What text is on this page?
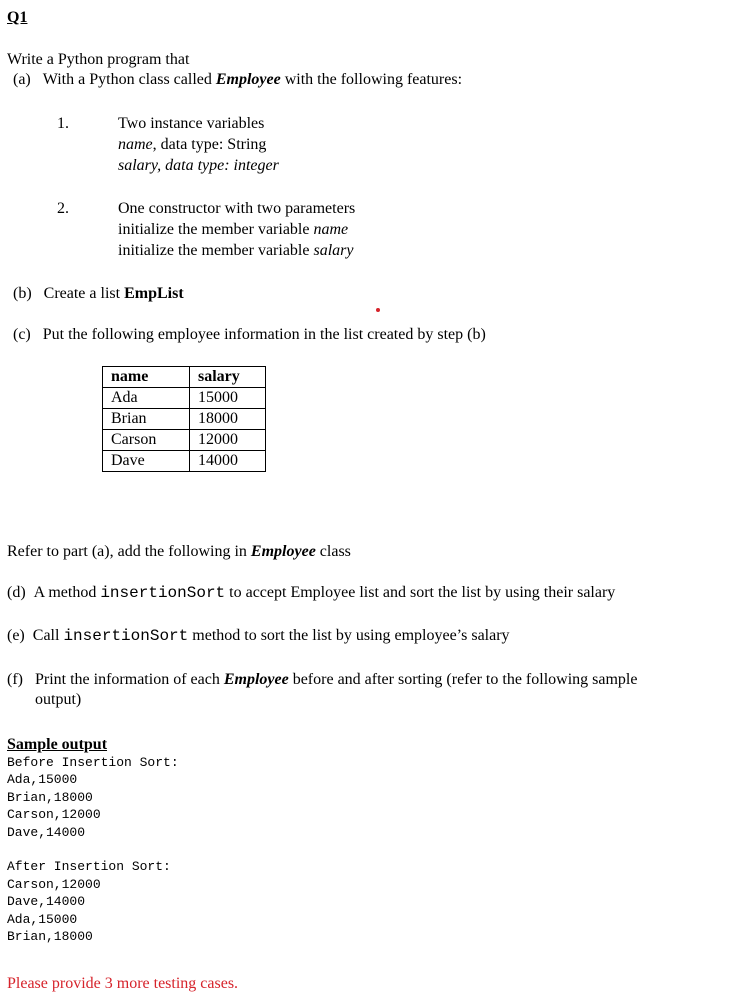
Q1
Write a Python program that
(a) With a Python class called Employee with the following features:
1.	Two instance variables
name, data type: String
salary, data type: integer
2.	One constructor with two parameters
initialize the member variable name
initialize the member variable salary
(b) Create a list EmpList
(c) Put the following employee information in the list created by step (b)
name	salary
Ada	15000
Brian	18000
Carson	12000
Dave	14000
Refer to part (a), add the following in Employee class
(d) A method insertionSort to accept Employee list and sort the list by using their salary
(e) Call insertionSort method to sort the list by using employee’s salary
(f) Print the information of each Employee before and after sorting (refer to the following sample
output)
Sample output
Before Insertion Sort:
Ada,15000
Brian,18000
Carson,12000
Dave,14000
After Insertion Sort:
Carson,12000
Dave,14000
Ada,15000
Brian,18000
Please provide 3 more testing cases.
